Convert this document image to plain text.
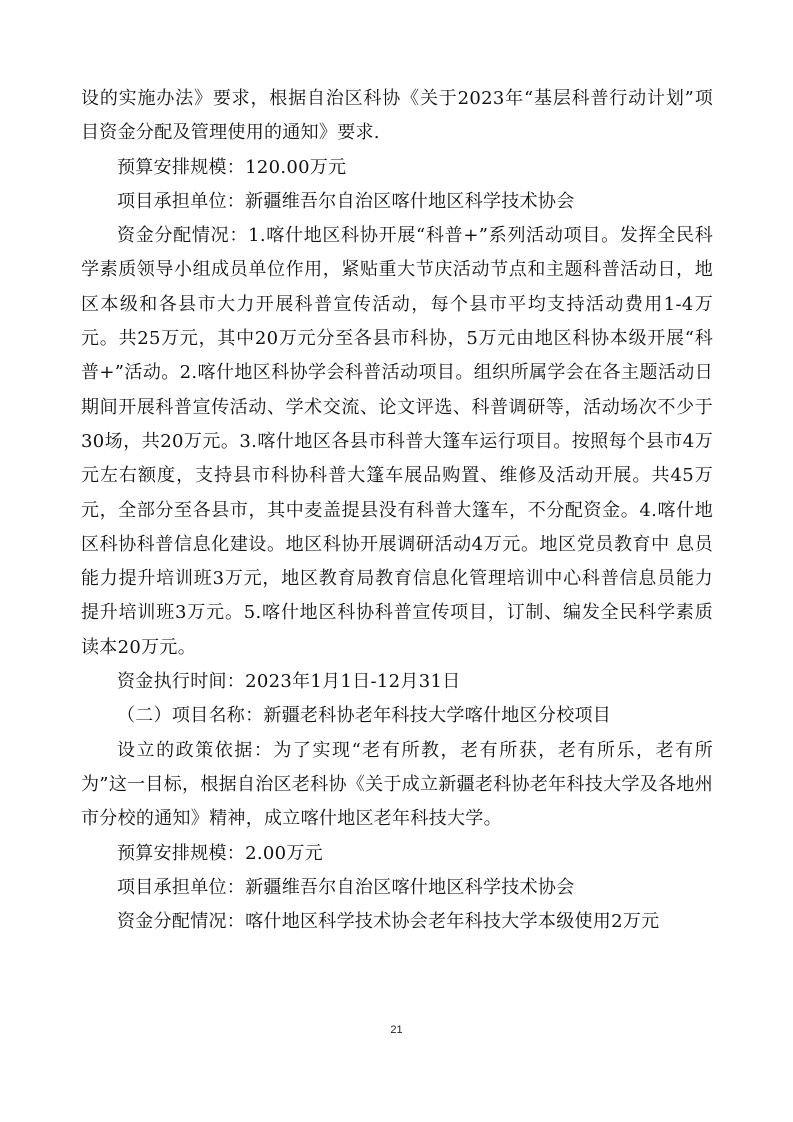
设的实施办法》要求，根据自治区科协《关于2023年“基层科普行动计划”项目资金分配及管理使用的通知》要求.

预算安排规模：120.00万元

项目承担单位：新疆维吾尔自治区喀什地区科学技术协会

资金分配情况：1.喀什地区科协开展“科普+”系列活动项目。发挥全民科学素质领导小组成员单位作用，紧贴重大节庆活动节点和主题科普活动日，地区本级和各县市大力开展科普宣传活动，每个县市平均支持活动费用1-4万元。共25万元，其中20万元分至各县市科协，5万元由地区科协本级开展“科普+”活动。2.喀什地区科协学会科普活动项目。组织所属学会在各主题活动日期间开展科普宣传活动、学术交流、论文评选、科普调研等，活动场次不少于30场，共20万元。3.喀什地区各县市科普大篷车运行项目。按照每个县市4万元左右额度，支持县市科协科普大篷车展品购置、维修及活动开展。共45万元，全部分至各县市，其中麦盖提县没有科普大篷车，不分配资金。4.喀什地区科协科普信息化建设。地区科协开展调研活动4万元。地区党员教育中 息员能力提升培训班3万元，地区教育局教育信息化管理培训中心科普信息员能力提升培训班3万元。5.喀什地区科协科普宣传项目，订制、编发全民科学素质读本20万元。

资金执行时间：2023年1月1日-12月31日

（二）项目名称：新疆老科协老年科技大学喀什地区分校项目

设立的政策依据：为了实现“老有所教，老有所获，老有所乐，老有所为”这一目标，根据自治区老科协《关于成立新疆老科协老年科技大学及各地州市分校的通知》精神，成立喀什地区老年科技大学。

预算安排规模：2.00万元

项目承担单位：新疆维吾尔自治区喀什地区科学技术协会

资金分配情况：喀什地区科学技术协会老年科技大学本级使用2万元

21
